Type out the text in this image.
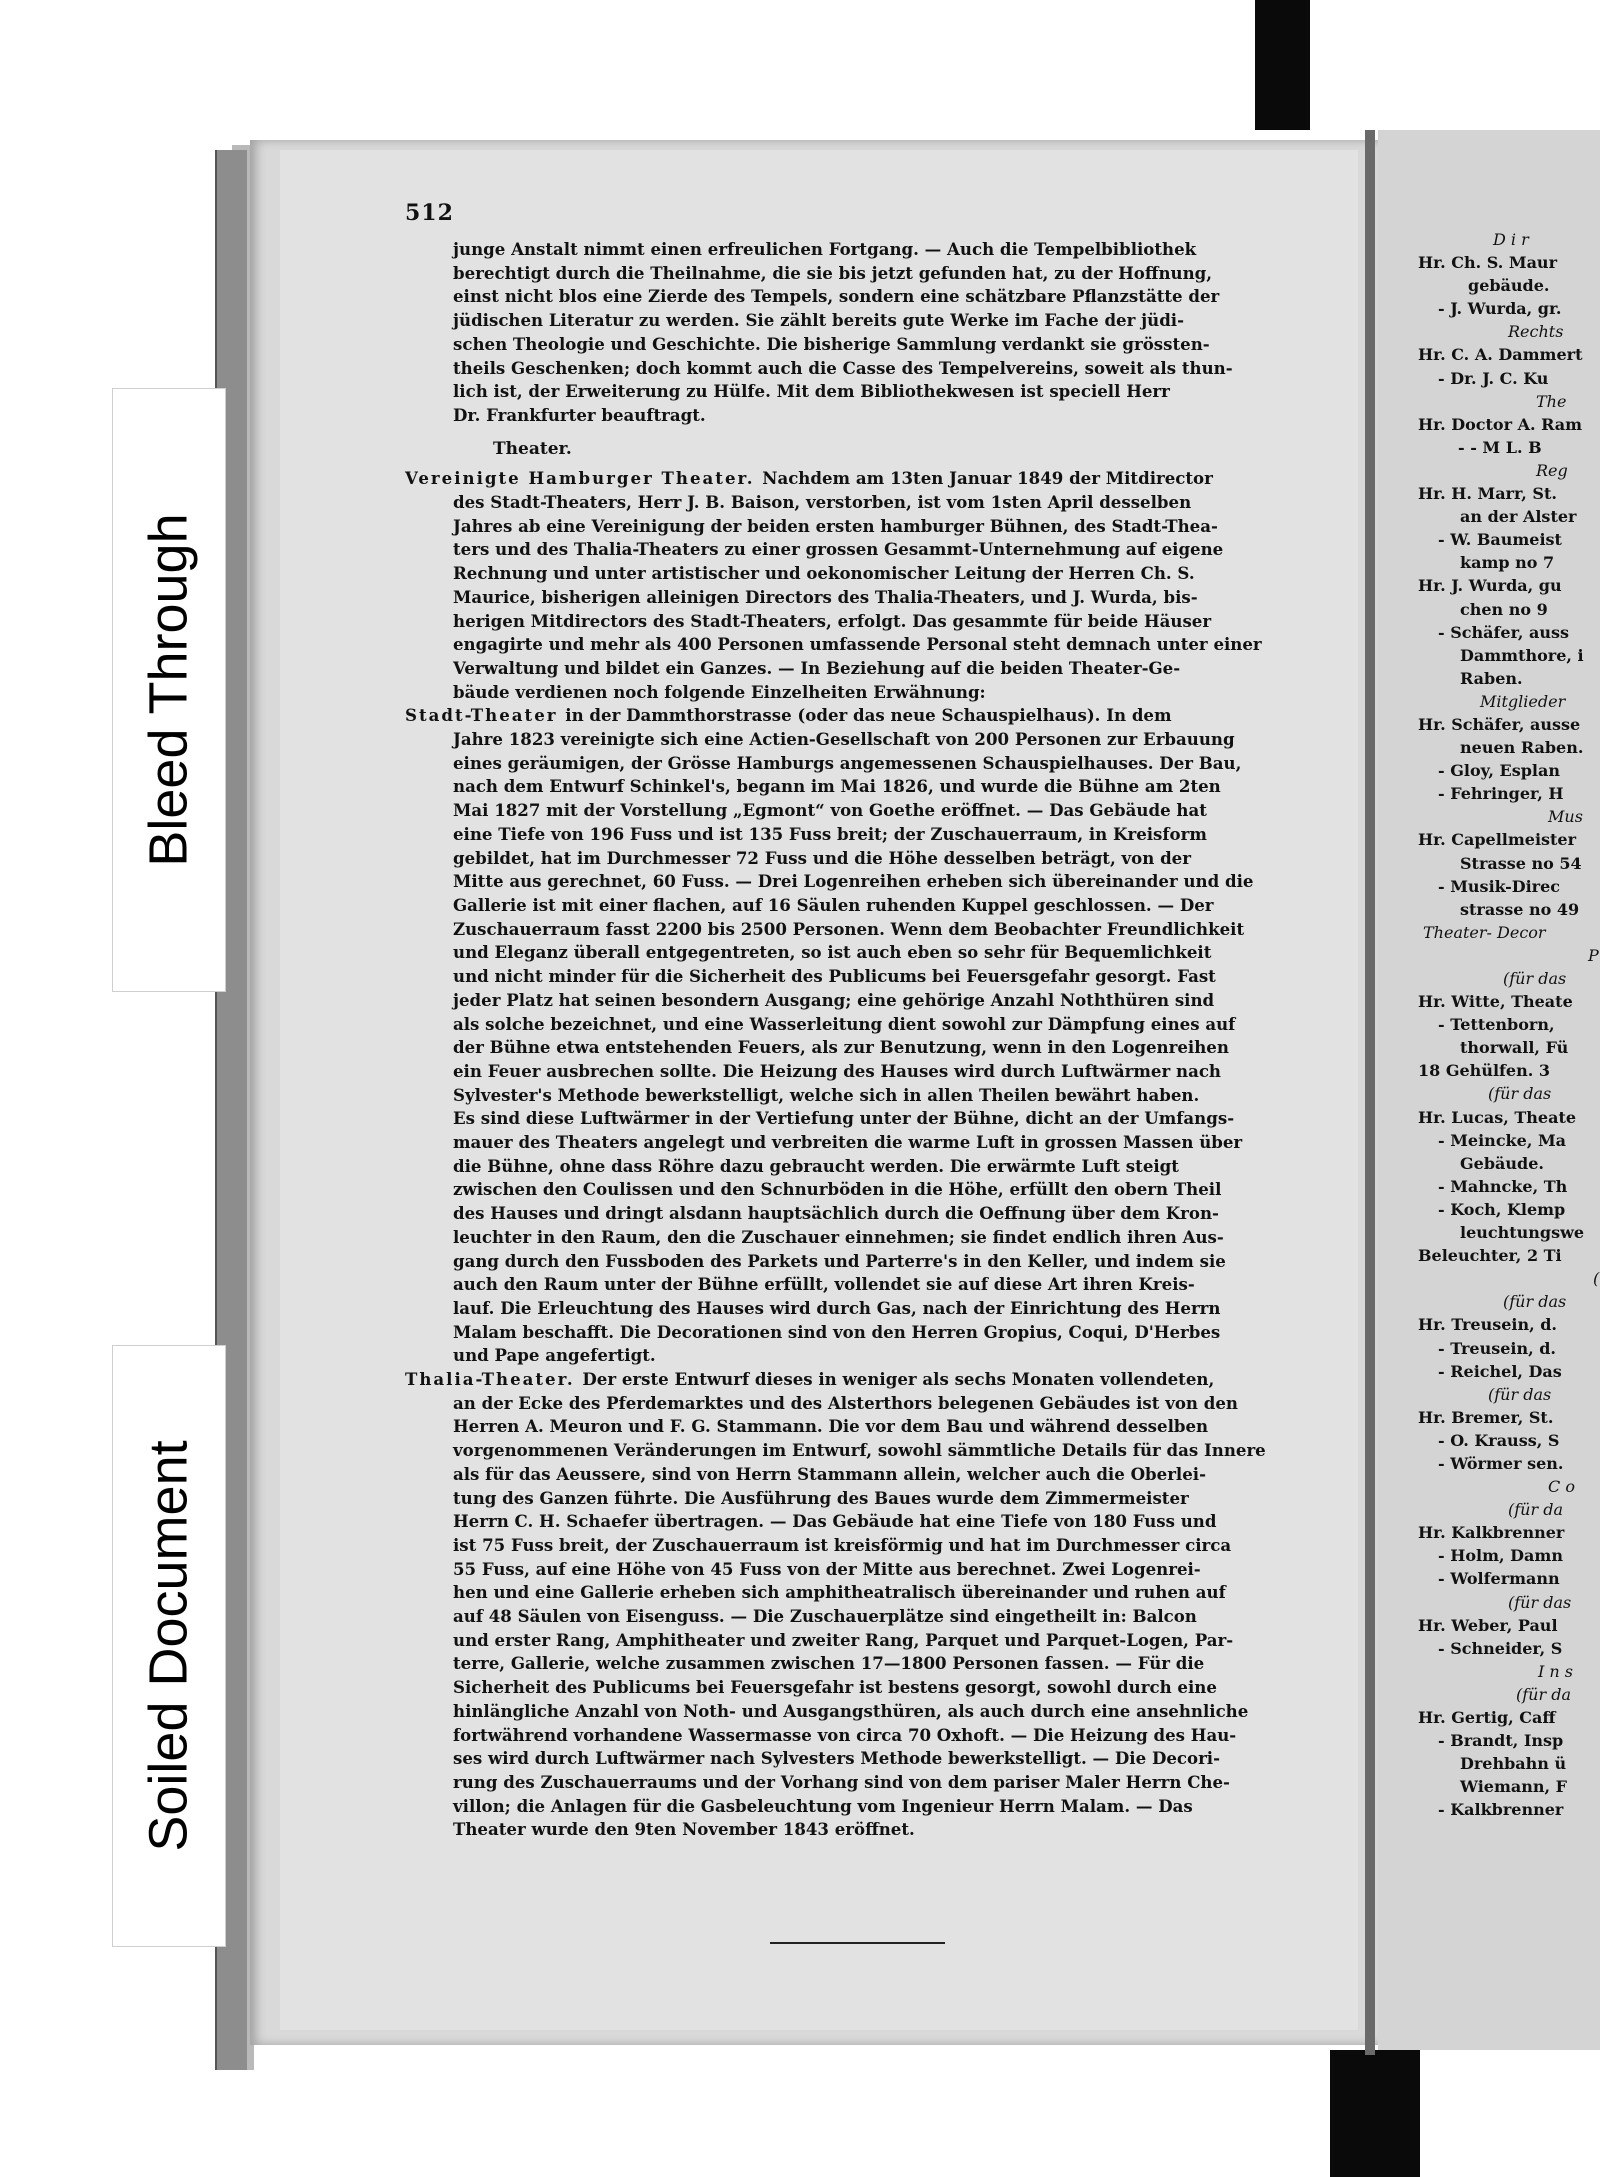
Bleed Through
Soiled Document
512
junge Anstalt nimmt einen erfreulichen Fortgang. — Auch die Tempelbibliothek
berechtigt durch die Theilnahme, die sie bis jetzt gefunden hat, zu der Hoffnung,
einst nicht blos eine Zierde des Tempels, sondern eine schätzbare Pflanzstätte der
jüdischen Literatur zu werden. Sie zählt bereits gute Werke im Fache der jüdi-
schen Theologie und Geschichte. Die bisherige Sammlung verdankt sie grössten-
theils Geschenken; doch kommt auch die Casse des Tempelvereins, soweit als thun-
lich ist, der Erweiterung zu Hülfe. Mit dem Bibliothekwesen ist speciell Herr
Dr. Frankfurter beauftragt.

Theater.

Vereinigte Hamburger Theater. Nachdem am 13ten Januar 1849 der Mitdirector
des Stadt-Theaters, Herr J. B. Baison, verstorben, ist vom 1sten April desselben
Jahres ab eine Vereinigung der beiden ersten hamburger Bühnen, des Stadt-Thea-
ters und des Thalia-Theaters zu einer grossen Gesammt-Unternehmung auf eigene
Rechnung und unter artistischer und oekonomischer Leitung der Herren Ch. S.
Maurice, bisherigen alleinigen Directors des Thalia-Theaters, und J. Wurda, bis-
herigen Mitdirectors des Stadt-Theaters, erfolgt. Das gesammte für beide Häuser
engagirte und mehr als 400 Personen umfassende Personal steht demnach unter einer
Verwaltung und bildet ein Ganzes. — In Beziehung auf die beiden Theater-Ge-
bäude verdienen noch folgende Einzelheiten Erwähnung:
Stadt-Theater in der Dammthorstrasse (oder das neue Schauspielhaus). In dem
Jahre 1823 vereinigte sich eine Actien-Gesellschaft von 200 Personen zur Erbauung
eines geräumigen, der Grösse Hamburgs angemessenen Schauspielhauses. Der Bau,
nach dem Entwurf Schinkel's, begann im Mai 1826, und wurde die Bühne am 2ten
Mai 1827 mit der Vorstellung „Egmont“ von Goethe eröffnet. — Das Gebäude hat
eine Tiefe von 196 Fuss und ist 135 Fuss breit; der Zuschauerraum, in Kreisform
gebildet, hat im Durchmesser 72 Fuss und die Höhe desselben beträgt, von der
Mitte aus gerechnet, 60 Fuss. — Drei Logenreihen erheben sich übereinander und die
Gallerie ist mit einer flachen, auf 16 Säulen ruhenden Kuppel geschlossen. — Der
Zuschauerraum fasst 2200 bis 2500 Personen. Wenn dem Beobachter Freundlichkeit
und Eleganz überall entgegentreten, so ist auch eben so sehr für Bequemlichkeit
und nicht minder für die Sicherheit des Publicums bei Feuersgefahr gesorgt. Fast
jeder Platz hat seinen besondern Ausgang; eine gehörige Anzahl Noththüren sind
als solche bezeichnet, und eine Wasserleitung dient sowohl zur Dämpfung eines auf
der Bühne etwa entstehenden Feuers, als zur Benutzung, wenn in den Logenreihen
ein Feuer ausbrechen sollte. Die Heizung des Hauses wird durch Luftwärmer nach
Sylvester's Methode bewerkstelligt, welche sich in allen Theilen bewährt haben.
Es sind diese Luftwärmer in der Vertiefung unter der Bühne, dicht an der Umfangs-
mauer des Theaters angelegt und verbreiten die warme Luft in grossen Massen über
die Bühne, ohne dass Röhre dazu gebraucht werden. Die erwärmte Luft steigt
zwischen den Coulissen und den Schnurböden in die Höhe, erfüllt den obern Theil
des Hauses und dringt alsdann hauptsächlich durch die Oeffnung über dem Kron-
leuchter in den Raum, den die Zuschauer einnehmen; sie findet endlich ihren Aus-
gang durch den Fussboden des Parkets und Parterre's in den Keller, und indem sie
auch den Raum unter der Bühne erfüllt, vollendet sie auf diese Art ihren Kreis-
lauf. Die Erleuchtung des Hauses wird durch Gas, nach der Einrichtung des Herrn
Malam beschafft. Die Decorationen sind von den Herren Gropius, Coqui, D'Herbes
und Pape angefertigt.
Thalia-Theater. Der erste Entwurf dieses in weniger als sechs Monaten vollendeten,
an der Ecke des Pferdemarktes und des Alsterthors belegenen Gebäudes ist von den
Herren A. Meuron und F. G. Stammann. Die vor dem Bau und während desselben
vorgenommenen Veränderungen im Entwurf, sowohl sämmtliche Details für das Innere
als für das Aeussere, sind von Herrn Stammann allein, welcher auch die Oberlei-
tung des Ganzen führte. Die Ausführung des Baues wurde dem Zimmermeister
Herrn C. H. Schaefer übertragen. — Das Gebäude hat eine Tiefe von 180 Fuss und
ist 75 Fuss breit, der Zuschauerraum ist kreisförmig und hat im Durchmesser circa
55 Fuss, auf eine Höhe von 45 Fuss von der Mitte aus berechnet. Zwei Logenrei-
hen und eine Gallerie erheben sich amphitheatralisch übereinander und ruhen auf
auf 48 Säulen von Eisenguss. — Die Zuschauerplätze sind eingetheilt in: Balcon
und erster Rang, Amphitheater und zweiter Rang, Parquet und Parquet-Logen, Par-
terre, Gallerie, welche zusammen zwischen 17—1800 Personen fassen. — Für die
Sicherheit des Publicums bei Feuersgefahr ist bestens gesorgt, sowohl durch eine
hinlängliche Anzahl von Noth- und Ausgangsthüren, als auch durch eine ansehnliche
fortwährend vorhandene Wassermasse von circa 70 Oxhoft. — Die Heizung des Hau-
ses wird durch Luftwärmer nach Sylvesters Methode bewerkstelligt. — Die Decori-
rung des Zuschauerraums und der Vorhang sind von dem pariser Maler Herrn Che-
villon; die Anlagen für die Gasbeleuchtung vom Ingenieur Herrn Malam. — Das
Theater wurde den 9ten November 1843 eröffnet.
D i r
Hr. Ch. S. Maur
gebäude.
- J. Wurda, gr.
Rechts
Hr. C. A. Dammert
- Dr. J. C. Ku
The
Hr. Doctor A. Ram
- - M L. B
Reg
Hr. H. Marr, St.
an der Alster
- W. Baumeist
kamp no 7
Hr. J. Wurda, gu
chen no 9
- Schäfer, auss
Dammthore, i
Raben.
Mitglieder
Hr. Schäfer, ausse
neuen Raben.
- Gloy, Esplan
- Fehringer, H
Mus
Hr. Capellmeister
Strasse no 54
- Musik-Direc
strasse no 49
Theater- Decor
P
(für das
Hr. Witte, Theate
- Tettenborn,
thorwall, Fü
18 Gehülfen. 3
(für das
Hr. Lucas, Theate
- Meincke, Ma
Gebäude.
- Mahncke, Th
- Koch, Klemp
leuchtungswe
Beleuchter, 2 Ti
(
(für das
Hr. Treusein, d.
- Treusein, d.
- Reichel, Das
(für das
Hr. Bremer, St.
- O. Krauss, S
- Wörmer sen.
C o
(für da
Hr. Kalkbrenner
- Holm, Damn
- Wolfermann
(für das
Hr. Weber, Paul
- Schneider, S
I n s
(für da
Hr. Gertig, Caff
- Brandt, Insp
Drehbahn ü
Wiemann, F
- Kalkbrenner
